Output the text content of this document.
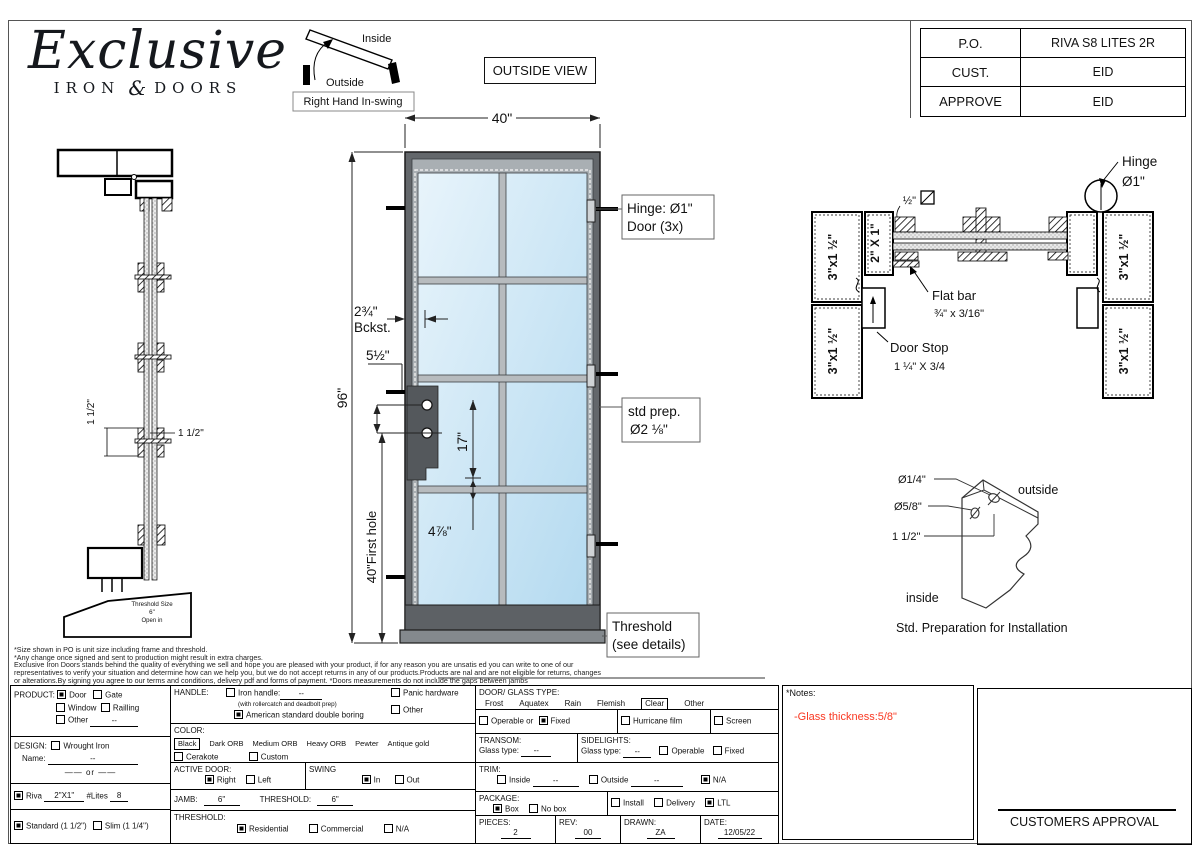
Exclusive
IRON & DOORS
Inside
Outside
Right Hand In-swing
OUTSIDE VIEW
P.O.	RIVA S8 LITES 2R
CUST.	EID
APPROVE	EID
1 1/2"
1 1/2"
Threshold Size
6"
Open in
40"
96"
2¾"
Bckst.
5½"
17"
4⅞"
40"First hole
Hinge: Ø1"
Door (3x)
std prep.
Ø2 ⅛"
Threshold
(see details)
3"x1 ½"
3"x1 ½"
3"x1 ½"
3"x1 ½"
2" X 1"
Hinge
Ø1"
½"
Flat bar
¾" x 3/16"
Door Stop
1 ¼" X 3/4
Ø1/4"
Ø5/8"
1 1/2"
outside
inside
Std. Preparation for Installation
*Size shown in PO is unit size including frame and threshold.
*Any change once signed and sent to production might result in extra charges.
Exclusive Iron Doors stands behind the quality of everything we sell and hope you are pleased with your product, if for any reason you are unsatis ed you can write to one of our
representatives to verify your situation and determine how can we help you, but we do not accept returns in any of our products.Products are nal and are not eligible for returns, changes
or alterations.By signing you agree to our terms and conditions, delivery pdf and forms of payment. *Doors measurements do not include the gaps between jambs
PRODUCT: Door Gate
Window Railling
Other	--
DESIGN: Wrought Iron
Name:	--
—— or ——
Riva 2"X1" #Lites 8
Standard (1 1/2") Slim (1 1/4")
HANDLE:	Iron handle: --
(with rollercatch and deadbolt prep)
American standard double boring
Panic hardware
Other
COLOR:
Black	Dark ORB Medium ORB Heavy ORB Pewter Antique gold
Cerakote	Custom
ACTIVE DOOR:
Right	Left
SWING
In	Out
JAMB:	6"	THRESHOLD:	6"
THRESHOLD:
Residential	Commercial	N/A
DOOR/ GLASS TYPE:
Frost Aquatex Rain Flemish	Clear	Other
Operable or Fixed	Hurricane film	Screen
TRANSOM:
Glass type: --
SIDELIGHTS:
Glass type: --	Operable	Fixed
TRIM:
Inside	--	Outside	--	N/A
PACKAGE:
Box	No box
Install	Delivery	LTL
PIECES:
2
REV:
00
DRAWN:
ZA
DATE:
12/05/22
*Notes:
-Glass thickness:5/8"
CUSTOMERS APPROVAL
